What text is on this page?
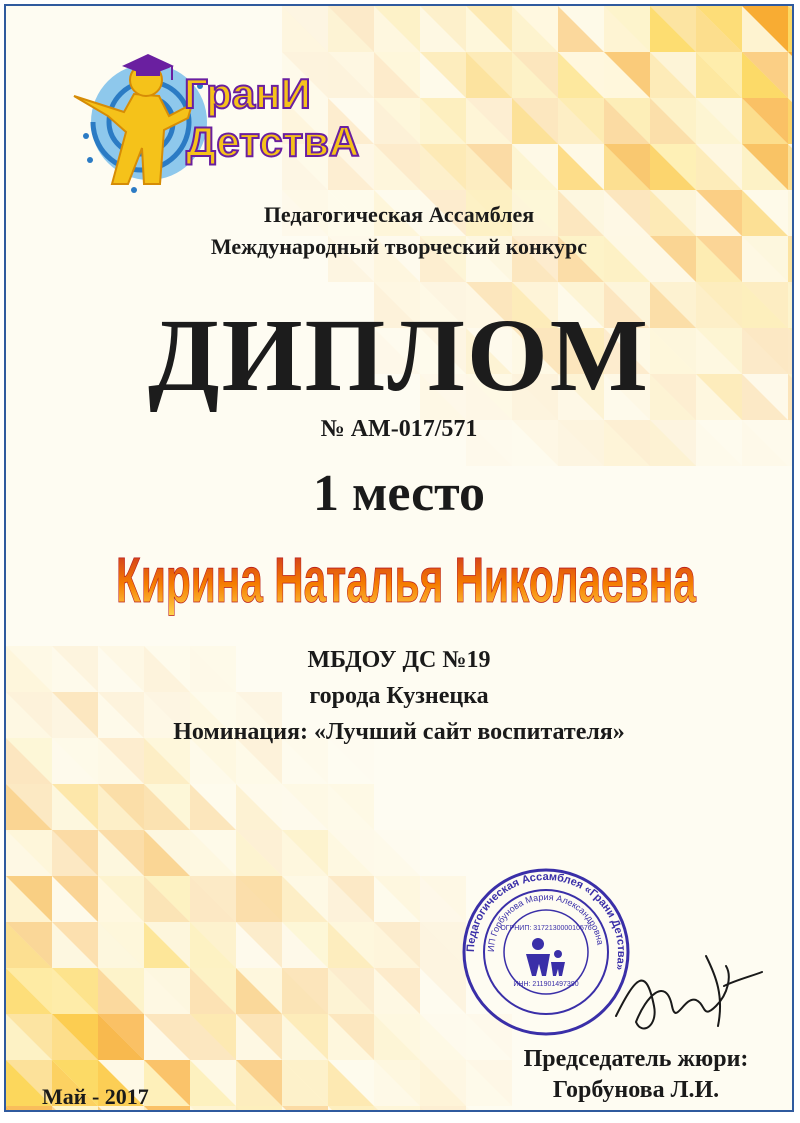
ГранИ
ДетствА
Педагогическая Ассамблея
Международный творческий конкурс
ДИПЛОМ
№ АМ-017/571
1 место
Кирина Наталья Николаевна
МБДОУ ДС №19
города Кузнецка
Номинация: «Лучший сайт воспитателя»
Педагогическая Ассамблея «Грани Детства»
ИП Горбунова Мария Александровна
ОГРНИП: 317213000010576
ИНН: 211901497390
Председатель жюри:
Горбунова Л.И.
Май - 2017
